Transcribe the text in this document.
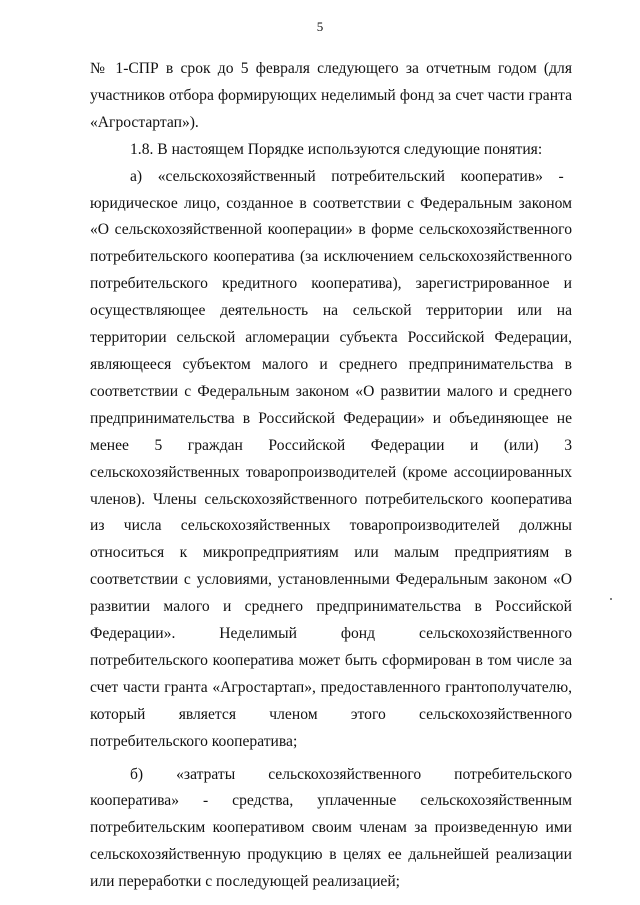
5

№ 1-СПР в срок до 5 февраля следующего за отчетным годом (для участников отбора формирующих неделимый фонд за счет части гранта «Агростартап»).

1.8. В настоящем Порядке используются следующие понятия:

а) «сельскохозяйственный потребительский кооператив» - юридическое лицо, созданное в соответствии с Федеральным законом «О сельскохозяйственной кооперации» в форме сельскохозяйственного потребительского кооператива (за исключением сельскохозяйственного потребительского кредитного кооператива), зарегистрированное и осуществляющее деятельность на сельской территории или на территории сельской агломерации субъекта Российской Федерации, являющееся субъектом малого и среднего предпринимательства в соответствии с Федеральным законом «О развитии малого и среднего предпринимательства в Российской Федерации» и объединяющее не менее 5 граждан Российской Федерации и (или) 3 сельскохозяйственных товаропроизводителей (кроме ассоциированных членов). Члены сельскохозяйственного потребительского кооператива из числа сельскохозяйственных товаропроизводителей должны относиться к микропредприятиям или малым предприятиям в соответствии с условиями, установленными Федеральным законом «О развитии малого и среднего предпринимательства в Российской Федерации». Неделимый фонд сельскохозяйственного потребительского кооператива может быть сформирован в том числе за счет части гранта «Агростартап», предоставленного грантополучателю, который является членом этого сельскохозяйственного потребительского кооператива;

б) «затраты сельскохозяйственного потребительского кооператива» - средства, уплаченные сельскохозяйственным потребительским кооперативом своим членам за произведенную ими сельскохозяйственную продукцию в целях ее дальнейшей реализации или переработки с последующей реализацией;
